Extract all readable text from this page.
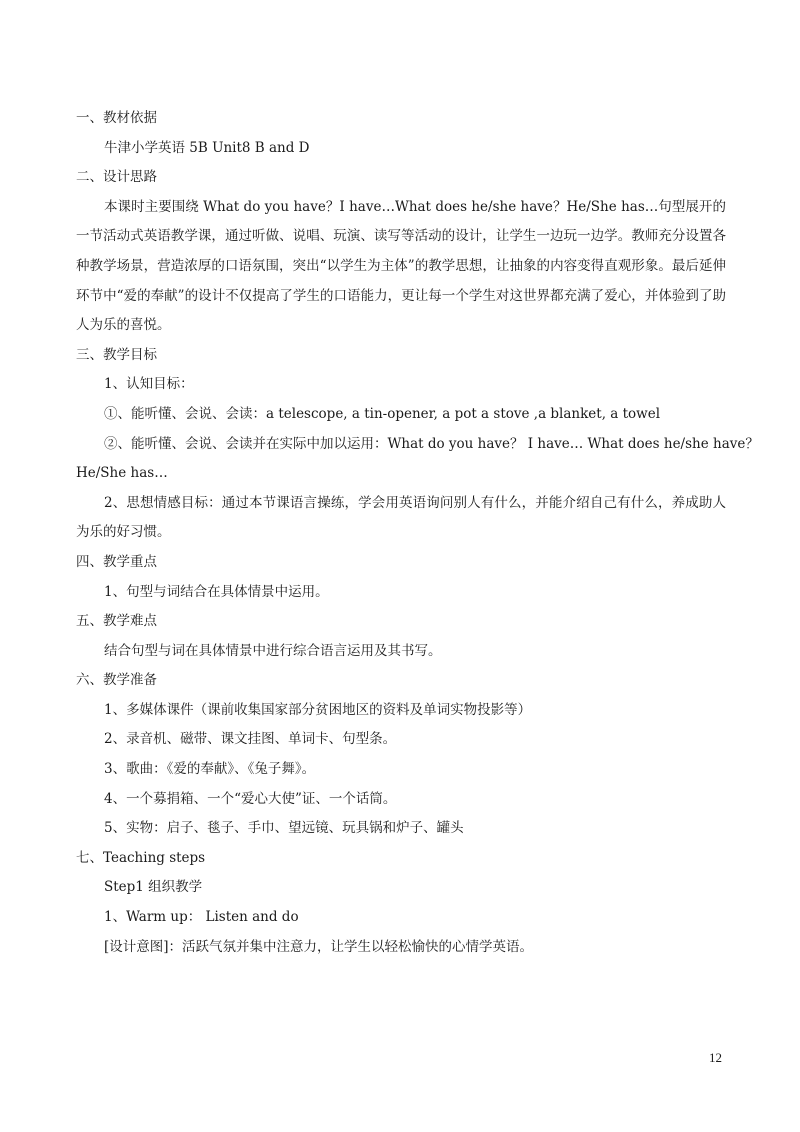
一、教材依据
牛津小学英语 5B Unit8 B and D
二、设计思路
本课时主要围绕 What do you have？I have…What does he/she have？He/She has…句型展开的一节活动式英语教学课，通过听做、说唱、玩演、读写等活动的设计，让学生一边玩一边学。教师充分设置各种教学场景，营造浓厚的口语氛围，突出“以学生为主体”的教学思想，让抽象的内容变得直观形象。最后延伸环节中“爱的奉献”的设计不仅提高了学生的口语能力，更让每一个学生对这世界都充满了爱心，并体验到了助人为乐的喜悦。
三、教学目标
1、认知目标：
①、能听懂、会说、会读：a telescope, a tin-opener, a pot a stove ,a blanket, a towel
②、能听懂、会说、会读并在实际中加以运用：What do you have？ I have… What does he/she have？
He/She has…
2、思想情感目标：通过本节课语言操练，学会用英语询问别人有什么，并能介绍自己有什么，养成助人为乐的好习惯。
四、教学重点
1、句型与词结合在具体情景中运用。
五、教学难点
结合句型与词在具体情景中进行综合语言运用及其书写。
六、教学准备
1、多媒体课件（课前收集国家部分贫困地区的资料及单词实物投影等）
2、录音机、磁带、课文挂图、单词卡、句型条。
3、歌曲：《爱的奉献》、《兔子舞》。
4、一个募捐箱、一个“爱心大使”证、一个话筒。
5、实物：启子、毯子、手巾、望远镜、玩具锅和炉子、罐头
七、Teaching steps
Step1 组织教学
1、Warm up： Listen and do
[设计意图]：活跃气氛并集中注意力，让学生以轻松愉快的心情学英语。
12
